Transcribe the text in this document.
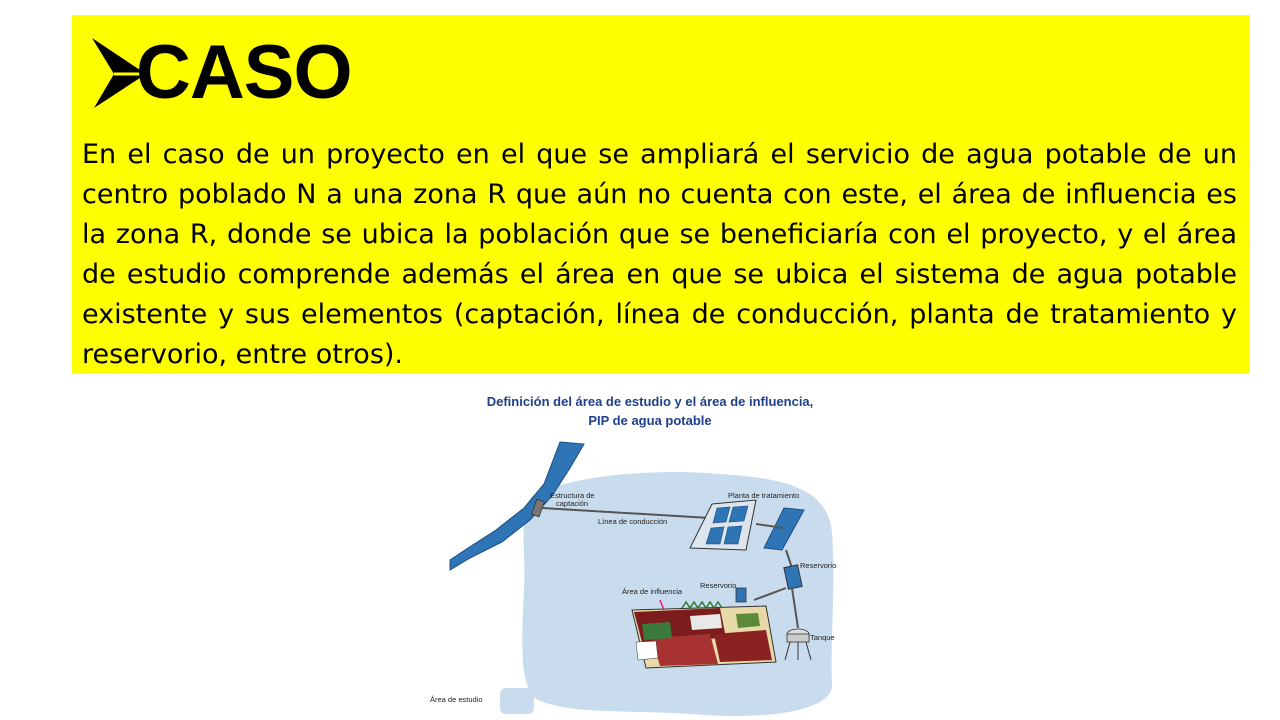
CASO
En el caso de un proyecto en el que se ampliará el servicio de agua potable de un centro poblado N a una zona R que aún no cuenta con este, el área de influencia es la zona R, donde se ubica la población que se beneficiaría con el proyecto, y el área de estudio comprende además el área en que se ubica el sistema de agua potable existente y sus elementos (captación, línea de conducción, planta de tratamiento y reservorio, entre otros).
Definición del área de estudio y el área de influencia,
PIP de agua potable
Estructura de
captación
Línea de conducción
Planta de tratamiento
Reservorio
Reservorio
Área de influencia
Tanque
Área de estudio
